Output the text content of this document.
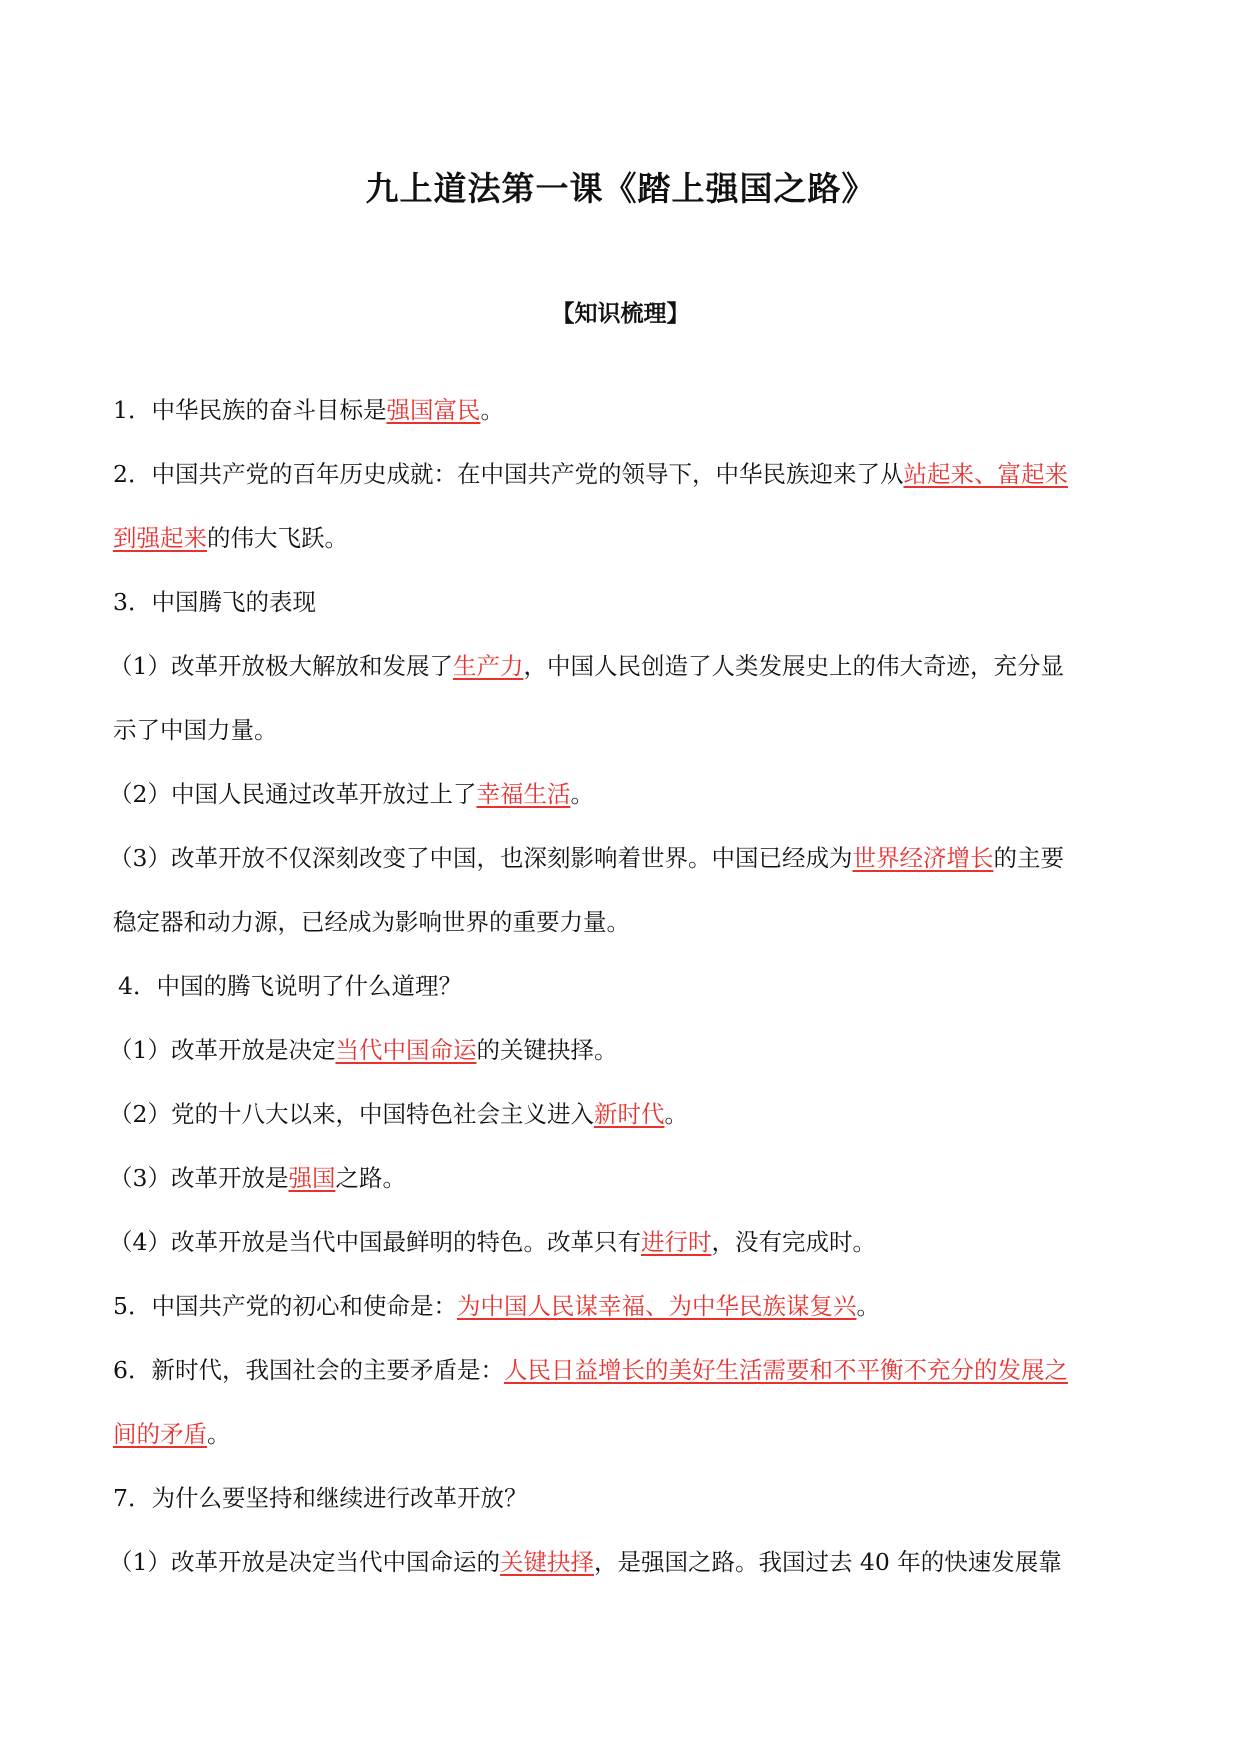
九上道法第一课《踏上强国之路》
【知识梳理】
1．中华民族的奋斗目标是强国富民。
2．中国共产党的百年历史成就：在中国共产党的领导下，中华民族迎来了从站起来、富起来
到强起来的伟大飞跃。
3．中国腾飞的表现
（1）改革开放极大解放和发展了生产力，中国人民创造了人类发展史上的伟大奇迹，充分显
示了中国力量。
（2）中国人民通过改革开放过上了幸福生活。
（3）改革开放不仅深刻改变了中国，也深刻影响着世界。中国已经成为世界经济增长的主要
稳定器和动力源，已经成为影响世界的重要力量。
4．中国的腾飞说明了什么道理？
（1）改革开放是决定当代中国命运的关键抉择。
（2）党的十八大以来，中国特色社会主义进入新时代。
（3）改革开放是强国之路。
（4）改革开放是当代中国最鲜明的特色。改革只有进行时，没有完成时。
5．中国共产党的初心和使命是：为中国人民谋幸福、为中华民族谋复兴。
6．新时代，我国社会的主要矛盾是：人民日益增长的美好生活需要和不平衡不充分的发展之
间的矛盾。
7．为什么要坚持和继续进行改革开放？
（1）改革开放是决定当代中国命运的关键抉择，是强国之路。我国过去 40 年的快速发展靠
